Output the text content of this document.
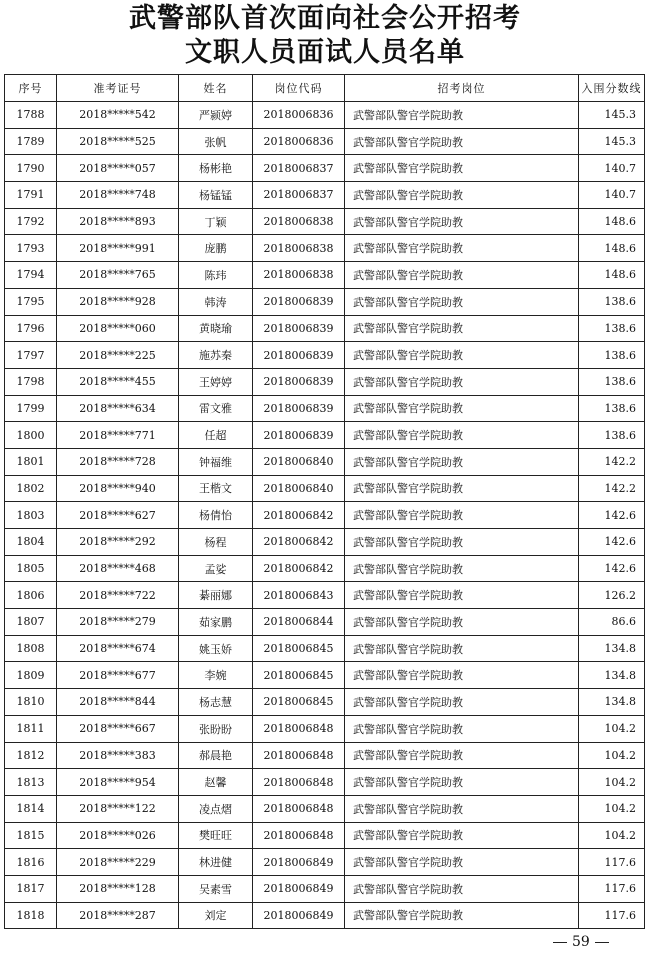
武警部队首次面向社会公开招考
文职人员面试人员名单
序号	准考证号	姓名	岗位代码	招考岗位	入围分数线
1788	2018*****542	严颍婷	2018006836	武警部队警官学院助教	145.3
1789	2018*****525	张帆	2018006836	武警部队警官学院助教	145.3
1790	2018*****057	杨彬艳	2018006837	武警部队警官学院助教	140.7
1791	2018*****748	杨锰锰	2018006837	武警部队警官学院助教	140.7
1792	2018*****893	丁颖	2018006838	武警部队警官学院助教	148.6
1793	2018*****991	庞鹏	2018006838	武警部队警官学院助教	148.6
1794	2018*****765	陈玮	2018006838	武警部队警官学院助教	148.6
1795	2018*****928	韩涛	2018006839	武警部队警官学院助教	138.6
1796	2018*****060	黄晓瑜	2018006839	武警部队警官学院助教	138.6
1797	2018*****225	施苏秦	2018006839	武警部队警官学院助教	138.6
1798	2018*****455	王婷婷	2018006839	武警部队警官学院助教	138.6
1799	2018*****634	雷文雅	2018006839	武警部队警官学院助教	138.6
1800	2018*****771	任超	2018006839	武警部队警官学院助教	138.6
1801	2018*****728	钟福维	2018006840	武警部队警官学院助教	142.2
1802	2018*****940	王楷文	2018006840	武警部队警官学院助教	142.2
1803	2018*****627	杨倩怡	2018006842	武警部队警官学院助教	142.6
1804	2018*****292	杨程	2018006842	武警部队警官学院助教	142.6
1805	2018*****468	孟娑	2018006842	武警部队警官学院助教	142.6
1806	2018*****722	綦丽娜	2018006843	武警部队警官学院助教	126.2
1807	2018*****279	茹家鹏	2018006844	武警部队警官学院助教	86.6
1808	2018*****674	姚玉娇	2018006845	武警部队警官学院助教	134.8
1809	2018*****677	李婉	2018006845	武警部队警官学院助教	134.8
1810	2018*****844	杨志慧	2018006845	武警部队警官学院助教	134.8
1811	2018*****667	张盼盼	2018006848	武警部队警官学院助教	104.2
1812	2018*****383	郝晨艳	2018006848	武警部队警官学院助教	104.2
1813	2018*****954	赵馨	2018006848	武警部队警官学院助教	104.2
1814	2018*****122	凌点熠	2018006848	武警部队警官学院助教	104.2
1815	2018*****026	樊旺旺	2018006848	武警部队警官学院助教	104.2
1816	2018*****229	林进健	2018006849	武警部队警官学院助教	117.6
1817	2018*****128	吴素雪	2018006849	武警部队警官学院助教	117.6
1818	2018*****287	刘定	2018006849	武警部队警官学院助教	117.6
59
